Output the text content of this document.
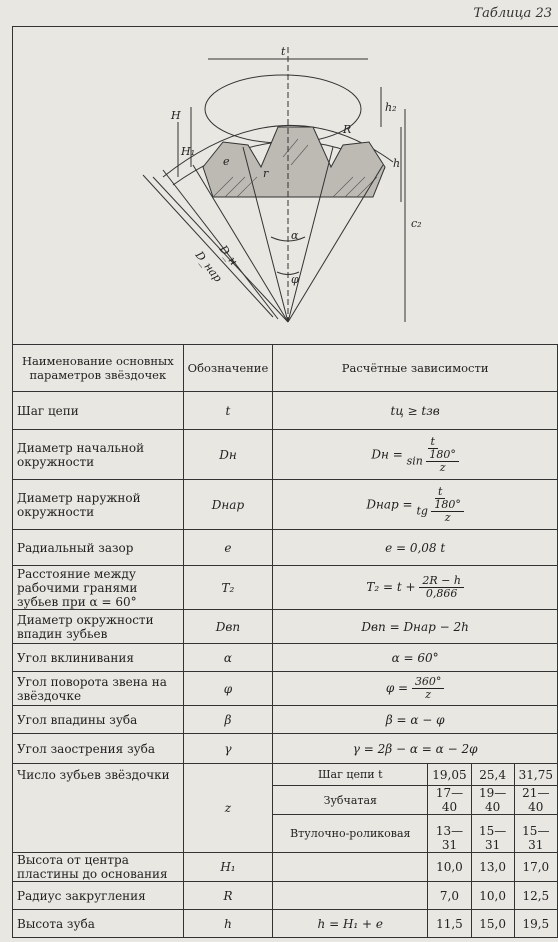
Таблица 23
t
h₂
H
H₁
h
c₂
R
e
r
D_н
D_нар
α
φ
Наименование основных параметров звёздочек	Обозначение	Расчётные зависимости			
Шаг цепи	t	tц ≥ tзв			
Диаметр начальной окружности	Dн	Dн = $\frac{t}{\sin \frac{180^\circ}{z}}$

Диаметр наружной окружности	Dнар	Dнар = $\frac{t}{tg \frac{180^\circ}{z}}$

Радиальный зазор	e	e = 0,08 t			
Расстояние между рабочими гранями зубьев при α = 60°	T₂	$T_2 = t + \frac{2R - h}{0,866}$

Диаметр окружности впадин зубьев	Dвп	Dвп = Dнар − 2h			
Угол вклинивания	α	α = 60°			
Угол поворота звена на звёздочке	φ	$\varphi = \frac{360^\circ}{z}$

Угол впадины зуба	β	β = α − φ			
Угол заострения зуба	γ	γ = 2β − α = α − 2φ			
Число зубьев звёздочки	z	Шаг цепи t	19,05	25,4	31,75
		Зубчатая	17—40	19—40	21—40
		Втулочно-роликовая	13—31	15—31	15—31
Высота от центра пластины до основания	H₁		10,0	13,0	17,0
Радиус закругления	R		7,0	10,0	12,5
Высота зуба	h	h = H₁ + e	11,5	15,0	19,5
